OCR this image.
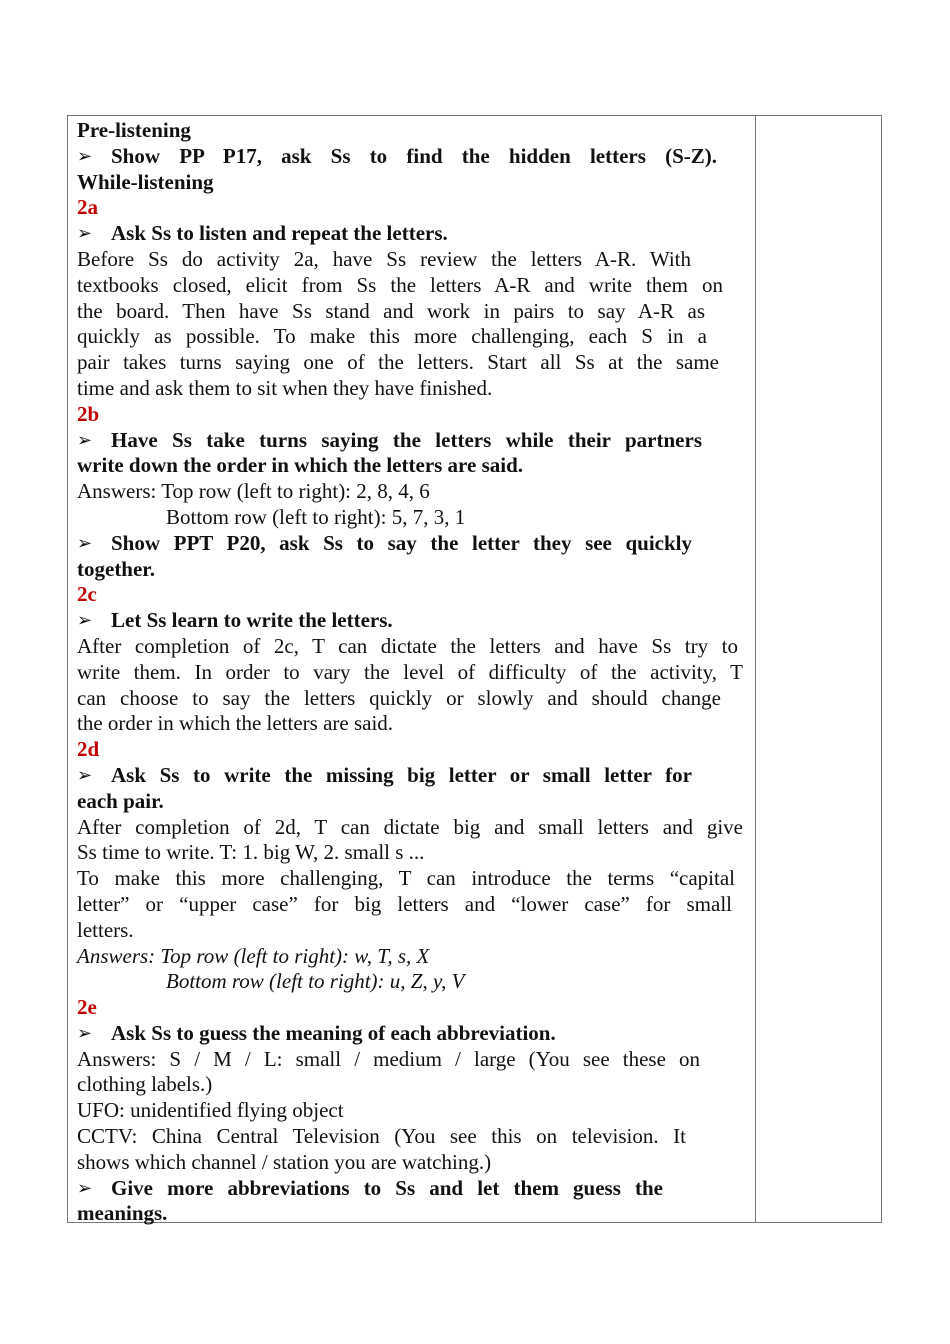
Pre-listening
➢ Show PP P17, ask Ss to find the hidden letters (S-Z).
While-listening
2a
➢ Ask Ss to listen and repeat the letters.
Before Ss do activity 2a, have Ss review the letters A-R. With
textbooks closed, elicit from Ss the letters A-R and write them on
the board. Then have Ss stand and work in pairs to say A-R as
quickly as possible. To make this more challenging, each S in a
pair takes turns saying one of the letters. Start all Ss at the same
time and ask them to sit when they have finished.
2b
➢ Have Ss take turns saying the letters while their partners
write down the order in which the letters are said.
Answers: Top row (left to right): 2, 8, 4, 6
Bottom row (left to right): 5, 7, 3, 1
➢ Show PPT P20, ask Ss to say the letter they see quickly
together.
2c
➢ Let Ss learn to write the letters.
After completion of 2c, T can dictate the letters and have Ss try to
write them. In order to vary the level of difficulty of the activity, T
can choose to say the letters quickly or slowly and should change
the order in which the letters are said.
2d
➢ Ask Ss to write the missing big letter or small letter for
each pair.
After completion of 2d, T can dictate big and small letters and give
Ss time to write. T: 1. big W, 2. small s ...
To make this more challenging, T can introduce the terms “capital
letter” or “upper case” for big letters and “lower case” for small
letters.
Answers: Top row (left to right): w, T, s, X
Bottom row (left to right): u, Z, y, V
2e
➢ Ask Ss to guess the meaning of each abbreviation.
Answers: S / M / L: small / medium / large (You see these on
clothing labels.)
UFO: unidentified flying object
CCTV: China Central Television (You see this on television. It
shows which channel / station you are watching.)
➢ Give more abbreviations to Ss and let them guess the
meanings.
